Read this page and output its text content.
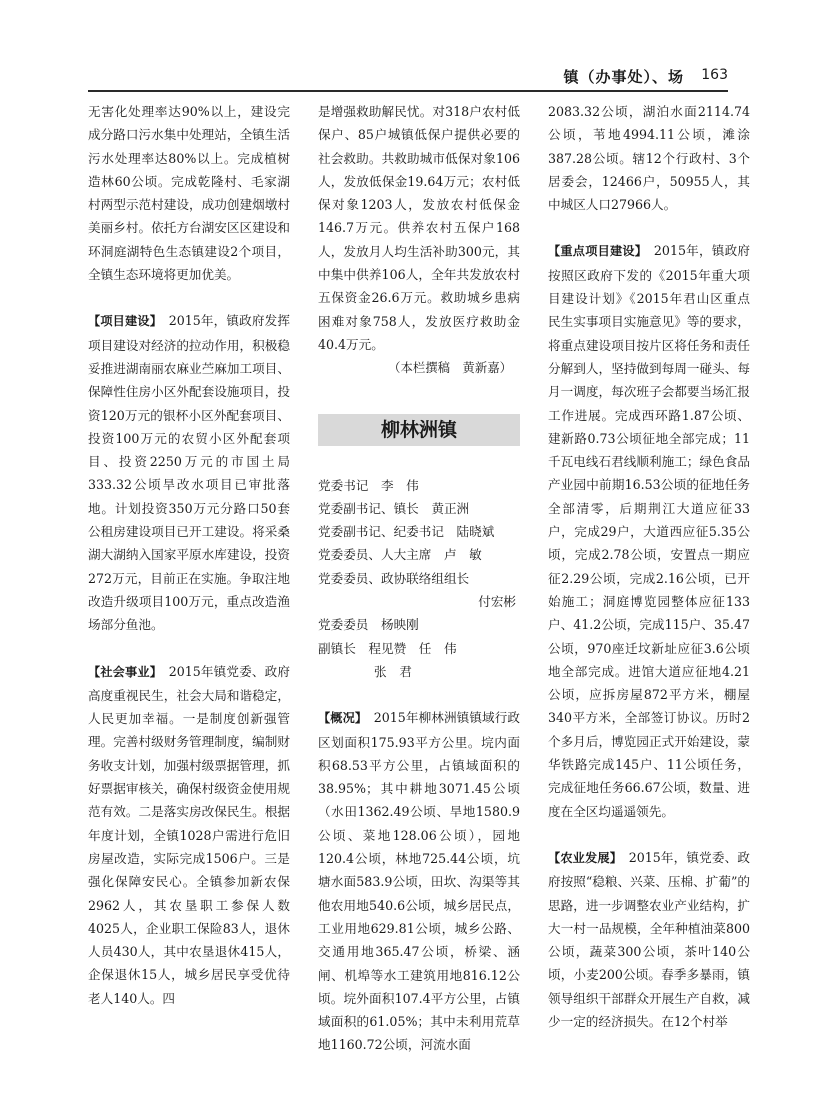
镇（办事处）、场 163

无害化处理率达90%以上，建设完成分路口污水集中处理站，全镇生活污水处理率达80%以上。完成植树造林60公顷。完成乾隆村、毛家湖村两型示范村建设，成功创建烟墩村美丽乡村。依托方台湖安区区建设和环洞庭湖特色生态镇建设2个项目，全镇生态环境将更加优美。

【项目建设】　 2015年，镇政府发挥项目建设对经济的拉动作用，积极稳妥推进湖南丽农麻业苎麻加工项目、保障性住房小区外配套设施项目，投资120万元的银杯小区外配套项目、投资100万元的农贸小区外配套项目、投资2250万元的市国土局333.32公顷旱改水项目已审批落地。计划投资350万元分路口50套公租房建设项目已开工建设。将采桑湖大湖纳入国家平原水库建设，投资272万元，目前正在实施。争取注地改造升级项目100万元，重点改造渔场部分鱼池。

【社会事业】　 2015年镇党委、政府高度重视民生，社会大局和谐稳定，人民更加幸福。一是制度创新强管理。完善村级财务管理制度，编制财务收支计划，加强村级票据管理，抓好票据审核关，确保村级资金使用规范有效。二是落实房改保民生。根据年度计划，全镇1028户需进行危旧房屋改造，实际完成1506户。三是强化保障安民心。全镇参加新农保2962人，其农垦职工参保人数4025人，企业职工保险83人，退休人员430人，其中农垦退休415人，企保退休15人，城乡居民享受优待老人140人。四

是增强救助解民忧。对318户农村低保户、85户城镇低保户提供必要的社会救助。共救助城市低保对象106人，发放低保金19.64万元；农村低保对象1203人，发放农村低保金146.7万元。供养农村五保户168人，发放月人均生活补助300元，其中集中供养106人，全年共发放农村五保资金26.6万元。救助城乡患病困难对象758人，发放医疗救助金40.4万元。

（本栏撰稿　黄新嘉）

柳林洲镇
党委书记　李　伟
党委副书记、镇长　黄正洲
党委副书记、纪委书记　陆晓斌
党委委员、人大主席　卢　敏
党委委员、政协联络组组长
付宏彬
党委委员　杨映刚
副镇长　程见赞　任　伟
张　君

【概况】　 2015年柳林洲镇镇域行政区划面积175.93平方公里。垸内面积68.53平方公里，占镇域面积的38.95%；其中耕地3071.45公顷（水田1362.49公顷、旱地1580.9公顷、菜地128.06公顷），园地120.4公顷，林地725.44公顷，坑塘水面583.9公顷，田坎、沟渠等其他农用地540.6公顷，城乡居民点，工业用地629.81公顷，城乡公路、交通用地365.47公顷，桥梁、涵闸、机埠等水工建筑用地816.12公顷。垸外面积107.4平方公里，占镇域面积的61.05%；其中未利用荒草地1160.72公顷，河流水面

2083.32公顷，湖泊水面2114.74公顷，苇地4994.11公顷，滩涂387.28公顷。辖12个行政村、3个居委会，12466户，50955人，其中城区人口27966人。

【重点项目建设】　 2015年，镇政府按照区政府下发的《2015年重大项目建设计划》《2015年君山区重点民生实事项目实施意见》等的要求，将重点建设项目按片区将任务和责任分解到人，坚持做到每周一碰头、每月一调度，每次班子会都要当场汇报工作进展。完成西环路1.87公顷、建新路0.73公顷征地全部完成；11千瓦电线石君线顺利施工；绿色食品产业园中前期16.53公顷的征地任务全部清零，后期荆江大道应征33户，完成29户，大道西应征5.35公顷，完成2.78公顷，安置点一期应征2.29公顷，完成2.16公顷，已开始施工；洞庭博览园整体应征133户、41.2公顷，完成115户、35.47公顷，970座迁坟新址应征3.6公顷地全部完成。进馆大道应征地4.21公顷，应拆房屋872平方米，棚屋340平方米，全部签订协议。历时2个多月后，博览园正式开始建设，蒙华铁路完成145户、11公顷任务，完成征地任务66.67公顷，数量、进度在全区均遥遥领先。

【农业发展】　 2015年，镇党委、政府按照“稳粮、兴菜、压棉、扩葡”的思路，进一步调整农业产业结构，扩大一村一品规模，全年种植油菜800公顷，蔬菜300公顷，茶叶140公顷，小麦200公顷。春季多暴雨，镇领导组织干部群众开展生产自救，减少一定的经济损失。在12个村举
